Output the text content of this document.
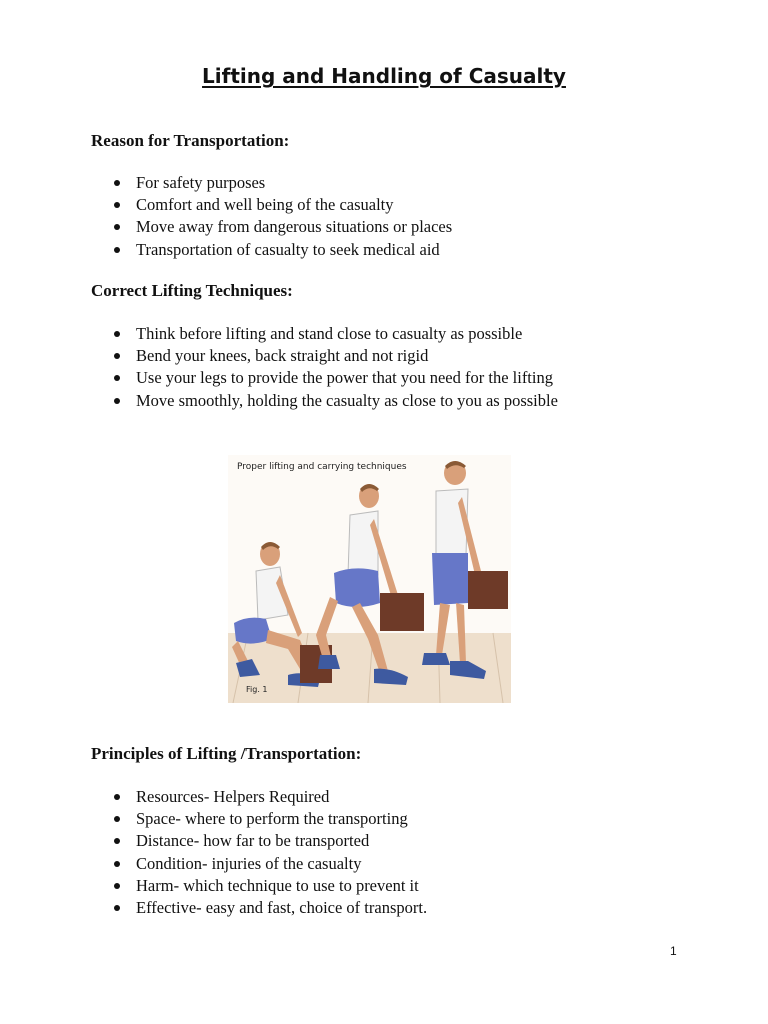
Lifting and Handling of Casualty
Reason for Transportation:
For safety purposes
Comfort and well being of the casualty
Move away from dangerous situations or places
Transportation of casualty to seek medical aid
Correct Lifting Techniques:
Think before lifting and stand close to casualty as possible
Bend your knees, back straight and not rigid
Use your legs to provide the power that you need for the lifting
Move smoothly, holding the casualty as close to you as possible
Proper lifting and carrying techniques
Fig. 1
Principles of Lifting /Transportation:
Resources- Helpers Required
Space- where to perform the transporting
Distance- how far to be transported
Condition- injuries of the casualty
Harm- which technique to use to prevent it
Effective- easy and fast, choice of transport.
1
